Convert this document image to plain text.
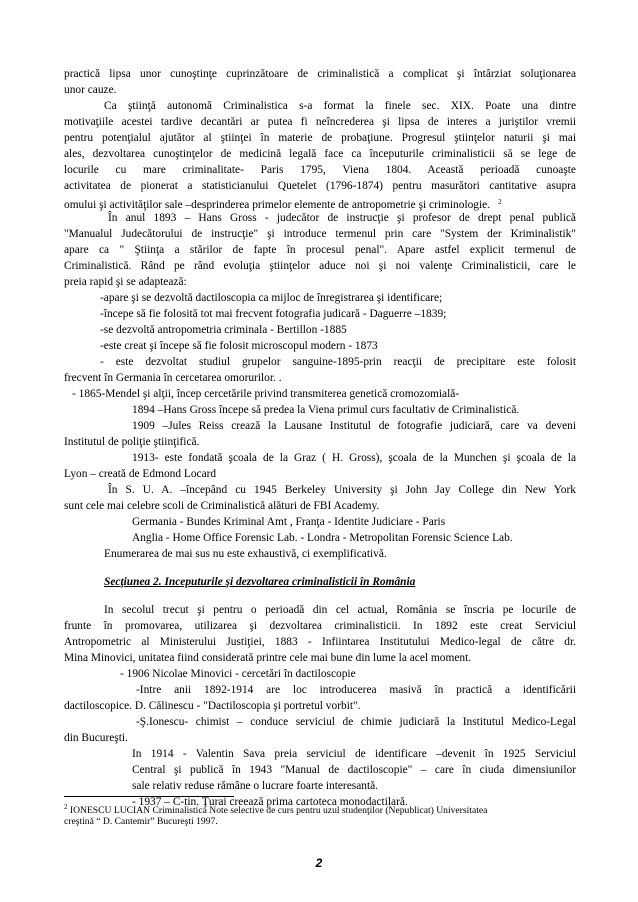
practică lipsa unor cunoştinţe cuprinzătoare de criminalistică a complicat şi întârziat soluţionarea
unor cauze.
Ca ştiinţă autonomă Criminalistica s-a format la finele sec. XIX. Poate una dintre
motivaţiile acestei tardive decantări ar putea fi neîncrederea şi lipsa de interes a juriştilor vremii
pentru potenţialul ajutător al ştiinţei în materie de probaţiune. Progresul ştiinţelor naturii şi mai
ales, dezvoltarea cunoştinţelor de medicină legală face ca începuturile criminalisticii să se lege de
locurile cu mare criminalitate- Paris 1795, Viena 1804. Această perioadă cunoaşte
activitatea de pionerat a statisticianului Quetelet (1796-1874) pentru masurători cantitative asupra
omului şi activităţilor sale –desprinderea primelor elemente de antropometrie şi criminologie. $^2$
În anul 1893 – Hans Gross - judecător de instrucţie şi profesor de drept penal publică
"Manualul Judecătorului de instrucţie" şi introduce termenul prin care "System der Kriminalistik"
apare ca " Ştiinţa a stărilor de fapte în procesul penal". Apare astfel explicit termenul de
Criminalistică. Rând pe rând evoluţia ştiinţelor aduce noi şi noi valenţe Criminalisticii, care le
preia rapid şi se adaptează:
-apare şi se dezvoltă dactiloscopia ca mijloc de înregistrarea şi identificare;
-începe să fie folosită tot mai frecvent fotografia judicară - Daguerre –1839;
-se dezvoltă antropometria criminala - Bertillon -1885
-este creat şi începe să fie folosit microscopul modern - 1873
- este dezvoltat studiul grupelor sanguine-1895-prin reacţii de precipitare este folosit
frecvent în Germania în cercetarea omorurilor. .
- 1865-Mendel şi alţii, încep cercetările privind transmiterea genetică cromozomială-
1894 –Hans Gross începe să predea la Viena primul curs facultativ de Criminalistică.
1909 –Jules Reiss crează la Lausane Institutul de fotografie judiciară, care va deveni
Institutul de poliţie ştiinţifică.
1913- este fondată şcoala de la Graz ( H. Gross), şcoala de la Munchen şi şcoala de la
Lyon – creată de Edmond Locard
În S. U. A. –începând cu 1945 Berkeley University şi John Jay College din New York
sunt cele mai celebre scoli de Criminalistică alături de FBI Academy.
Germania - Bundes Kriminal Amt , Franţa - Identite Judiciare - Paris
Anglia - Home Office Forensic Lab. - Londra - Metropolitan Forensic Science Lab.
Enumerarea de mai sus nu este exhaustivă, ci exemplificativă.
In secolul trecut şi pentru o perioadă din cel actual, România se înscria pe locurile de
frunte în promovarea, utilizarea şi dezvoltarea criminalisticii. In 1892 este creat Serviciul
Antropometric al Ministerului Justiţiei, 1883 - Infiintarea Institutului Medico-legal de către dr.
Mina Minovici, unitatea fiind considerată printre cele mai bune din lume la acel moment.
- 1906 Nicolae Minovici - cercetări în dactiloscopie
-Intre anii 1892-1914 are loc introducerea masivă în practică a identificării
dactiloscopice. D. Călinescu - "Dactiloscopia şi portretul vorbit".
-Ş.Ionescu- chimist – conduce serviciul de chimie judiciară la Institutul Medico-Legal
din Bucureşti.
In 1914 - Valentin Sava preia serviciul de identificare –devenit în 1925 Serviciul
Central şi publică în 1943 "Manual de dactiloscopie" – care în ciuda dimensiunilor
sale relativ reduse rămâne o lucrare foarte interesantă.
- 1937 – C-tin. Ţurai creează prima cartoteca monodactilară.
Secţiunea 2. Inceputurile şi dezvoltarea criminalisticii în România
$^2$ IONESCU LUCIAN Criminalistica Note selective de curs pentru uzul studenţilor (Nepublicat) Universitatea
creştină “ D. Cantemir” Bucureşti 1997.
2
